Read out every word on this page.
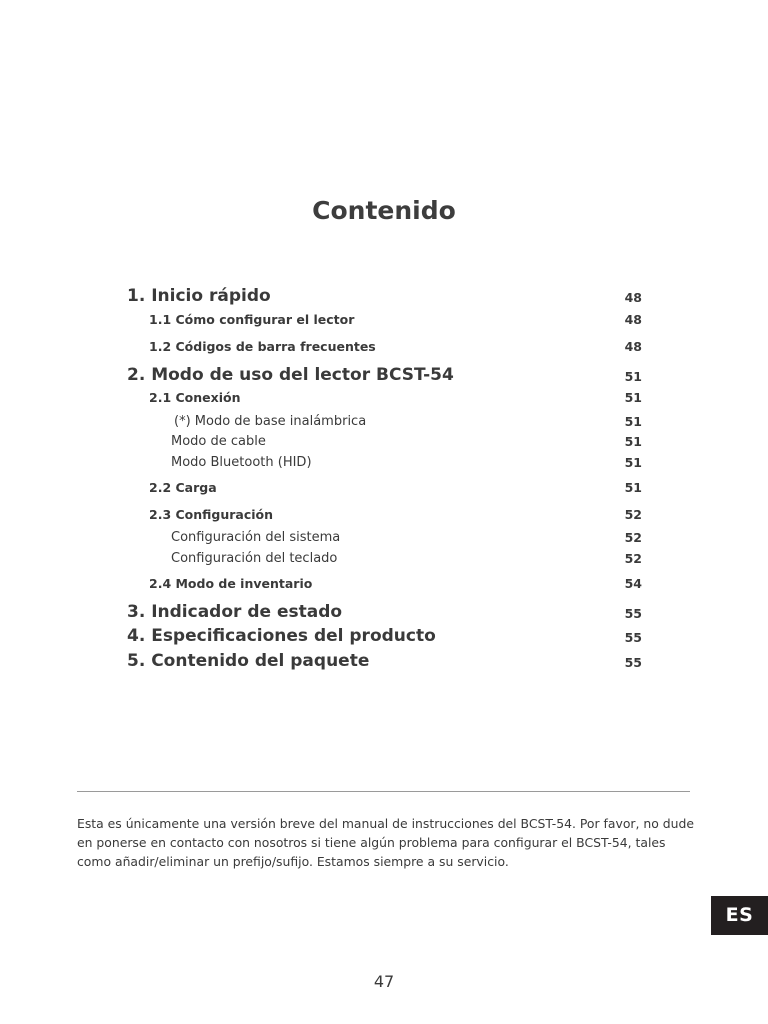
Contenido
1. Inicio rápido	48
1.1 Cómo configurar el lector	48
1.2 Códigos de barra frecuentes	48
2. Modo de uso del lector BCST-54	51
2.1 Conexión	51
(*) Modo de base inalámbrica	51
Modo de cable	51
Modo Bluetooth (HID)	51
2.2 Carga	51
2.3 Configuración	52
Configuración del sistema	52
Configuración del teclado	52
2.4 Modo de inventario	54
3. Indicador de estado	55
4. Especificaciones del producto	55
5. Contenido del paquete	55
Esta es únicamente una versión breve del manual de instrucciones del BCST-54. Por favor, no dude en ponerse en contacto con nosotros si tiene algún problema para configurar el BCST-54, tales como añadir/eliminar un prefijo/sufijo. Estamos siempre a su servicio.
ES
47
